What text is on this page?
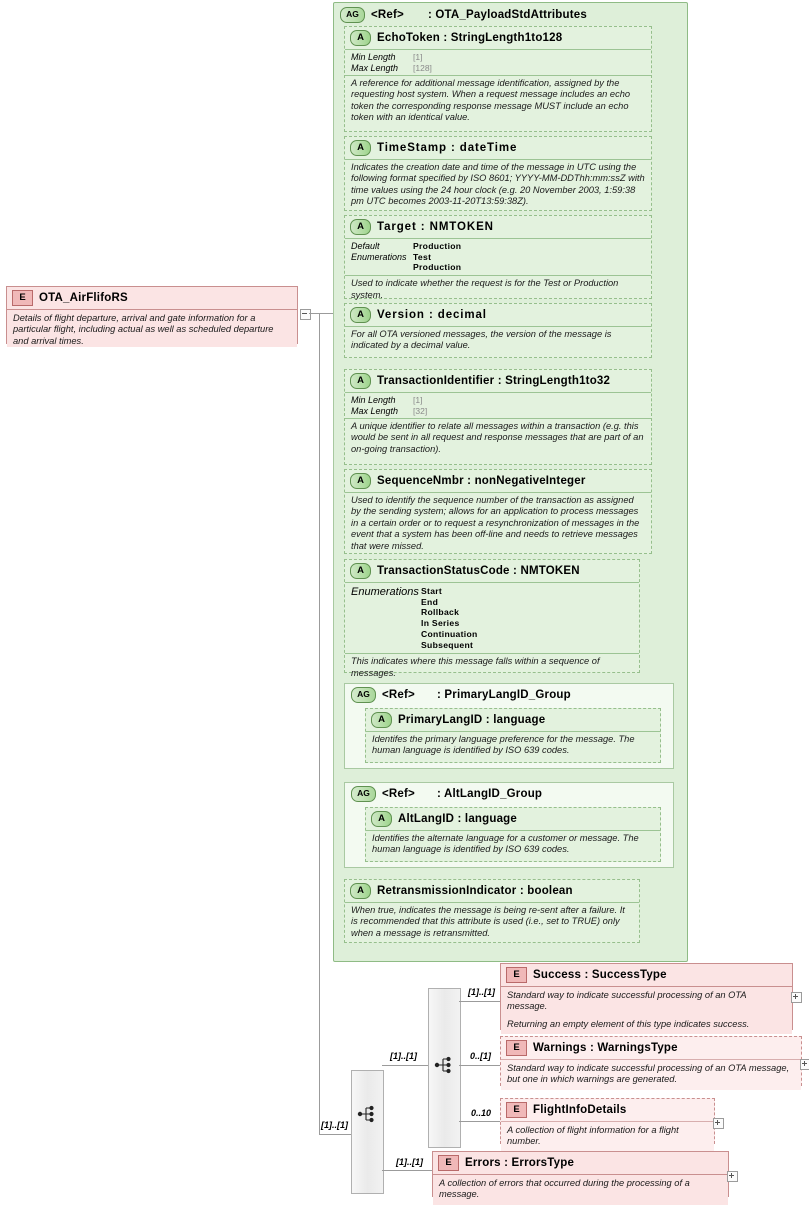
E	OTA_AirFlifoRS
Details of flight departure, arrival and gate information for a particular flight, including actual as well as scheduled departure and arrival times.
[1]..[1]
AG	<Ref> : OTA_PayloadStdAttributes
A	EchoToken : StringLength1to128
Min Length	[1]
Max Length	[128]
A reference for additional message identification, assigned by the requesting host system. When a request message includes an echo token the corresponding response message MUST include an echo token with an identical value.
A	TimeStamp : dateTime
Indicates the creation date and time of the message in UTC using the following format specified by ISO 8601; YYYY-MM-DDThh:mm:ssZ with time values using the 24 hour clock (e.g. 20 November 2003, 1:59:38 pm UTC becomes 2003-11-20T13:59:38Z).
A	Target : NMTOKEN
Default	Production
Enumerations Test
Production
Used to indicate whether the request is for the Test or Production system.
A	Version : decimal
For all OTA versioned messages, the version of the message is indicated by a decimal value.
A	TransactionIdentifier : StringLength1to32
Min Length	[1]
Max Length	[32]
A unique identifier to relate all messages within a transaction (e.g. this would be sent in all request and response messages that are part of an on-going transaction).
A	SequenceNmbr : nonNegativeInteger
Used to identify the sequence number of the transaction as assigned by the sending system; allows for an application to process messages in a certain order or to request a resynchronization of messages in the event that a system has been off-line and needs to retrieve messages that were missed.
A	TransactionStatusCode : NMTOKEN
Enumerations Start
End
Rollback
In Series
Continuation
Subsequent
This indicates where this message falls within a sequence of messages.
AG	<Ref> : PrimaryLangID_Group
A	PrimaryLangID : language
Identifes the primary language preference for the message. The human language is identified by ISO 639 codes.
AG	<Ref> : AltLangID_Group
A	AltLangID : language
Identifies the alternate language for a customer or message. The human language is identified by ISO 639 codes.
A	RetransmissionIndicator : boolean
When true, indicates the message is being re-sent after a failure. It is recommended that this attribute is used (i.e., set to TRUE) only when a message is retransmitted.
[1]..[1]
[1]..[1]
[1]..[1]
0..[1]
0..10
E	Success : SuccessType
Standard way to indicate successful processing of an OTA message.
Returning an empty element of this type indicates success.
E	Warnings : WarningsType
Standard way to indicate successful processing of an OTA message, but one in which warnings are generated.
E	FlightInfoDetails
A collection of flight information for a flight number.
E	Errors : ErrorsType
A collection of errors that occurred during the processing of a message.
